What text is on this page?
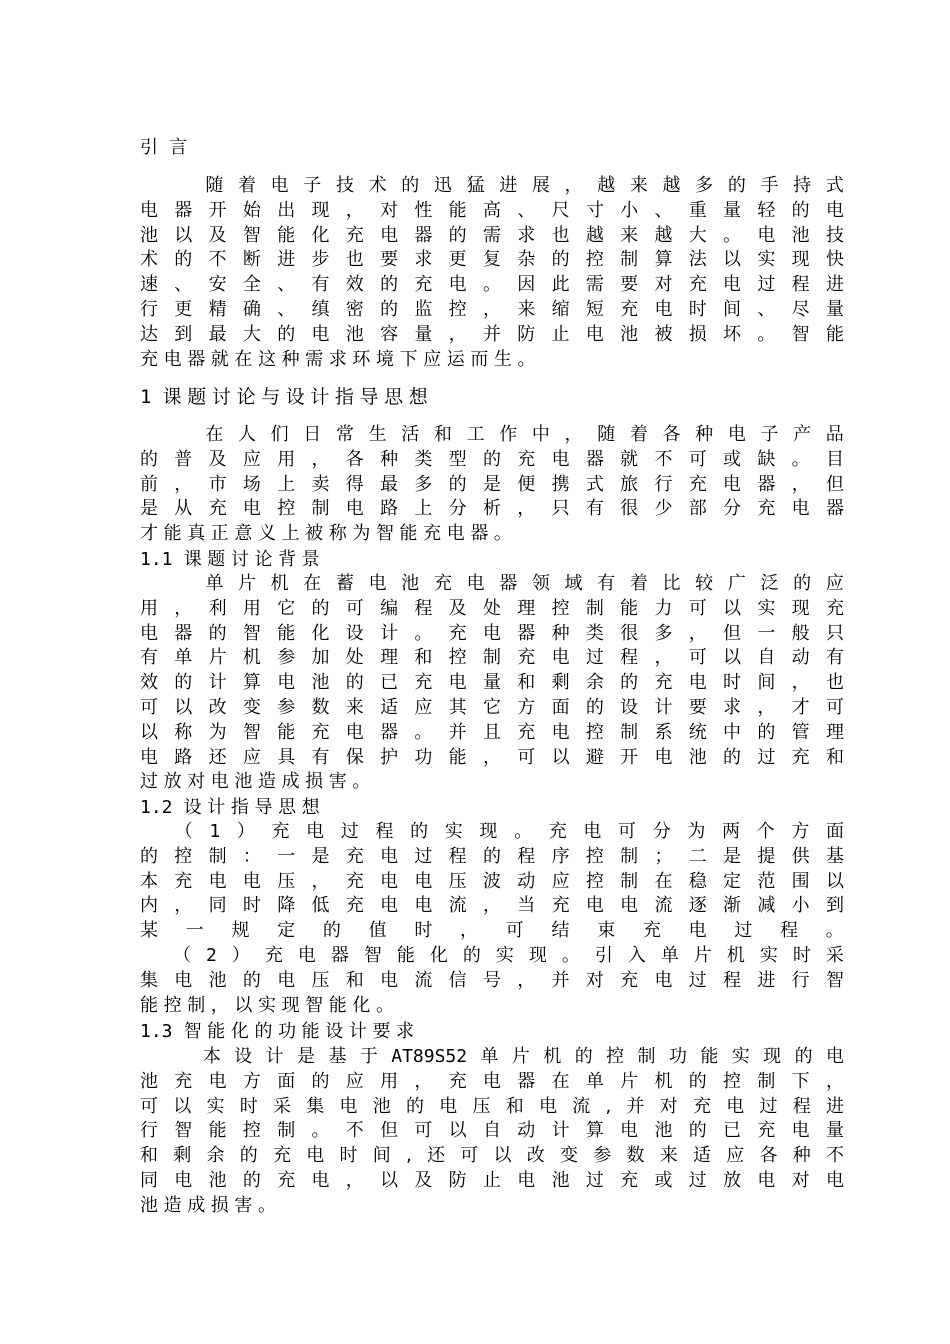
引 言

随 着 电 子 技 术 的 迅 猛 进 展 ， 越 来 越 多 的 手 持 式
电 器 开 始 出 现 ， 对 性 能 高 、 尺 寸 小 、 重 量 轻 的 电
池 以 及 智 能 化 充 电 器 的 需 求 也 越 来 越 大 。 电 池 技
术 的 不 断 进 步 也 要 求 更 复 杂 的 控 制 算 法 以 实 现 快
速 、 安 全 、 有 效 的 充 电 。 因 此 需 要 对 充 电 过 程 进
行 更 精 确 、 缜 密 的 监 控 ， 来 缩 短 充 电 时 间 、 尽 量
达 到 最 大 的 电 池 容 量 ， 并 防 止 电 池 被 损 坏 。 智 能
充 电 器 就 在 这 种 需 求 环 境 下 应 运 而 生 。
1 课 题 讨 论 与 设 计 指 导 思 想

在 人 们 日 常 生 活 和 工 作 中 ， 随 着 各 种 电 子 产 品
的 普 及 应 用 ， 各 种 类 型 的 充 电 器 就 不 可 或 缺 。 目
前 ， 市 场 上 卖 得 最 多 的 是 便 携 式 旅 行 充 电 器 ， 但
是 从 充 电 控 制 电 路 上 分 析 ， 只 有 很 少 部 分 充 电 器
才 能 真 正 意 义 上 被 称 为 智 能 充 电 器 。
1.1 课 题 讨 论 背 景

单 片 机 在 蓄 电 池 充 电 器 领 域 有 着 比 较 广 泛 的 应
用 ， 利 用 它 的 可 编 程 及 处 理 控 制 能 力 可 以 实 现 充
电 器 的 智 能 化 设 计 。 充 电 器 种 类 很 多 ， 但 一 般 只
有 单 片 机 参 加 处 理 和 控 制 充 电 过 程 ， 可 以 自 动 有
效 的 计 算 电 池 的 已 充 电 量 和 剩 余 的 充 电 时 间 ， 也
可 以 改 变 参 数 来 适 应 其 它 方 面 的 设 计 要 求 ， 才 可
以 称 为 智 能 充 电 器 。 并 且 充 电 控 制 系 统 中 的 管 理
电 路 还 应 具 有 保 护 功 能 ， 可 以 避 开 电 池 的 过 充 和
过 放 对 电 池 造 成 损 害 。
1.2 设 计 指 导 思 想

（ 1 ） 充 电 过 程 的 实 现 。 充 电 可 分 为 两 个 方 面
的 控 制 ： 一 是 充 电 过 程 的 程 序 控 制 ； 二 是 提 供 基
本 充 电 电 压 ， 充 电 电 压 波 动 应 控 制 在 稳 定 范 围 以
内 ， 同 时 降 低 充 电 电 流 ， 当 充 电 电 流 逐 渐 减 小 到
某 一 规 定 的 值 时 ， 可 结 束 充 电 过 程 。

（ 2 ） 充 电 器 智 能 化 的 实 现 。 引 入 单 片 机 实 时 采
集 电 池 的 电 压 和 电 流 信 号 ， 并 对 充 电 过 程 进 行 智
能 控 制 ， 以 实 现 智 能 化 。
1.3 智 能 化 的 功 能 设 计 要 求

本 设 计 是 基 于 AT89S52 单 片 机 的 控 制 功 能 实 现 的 电
池 充 电 方 面 的 应 用 ， 充 电 器 在 单 片 机 的 控 制 下 ，
可 以 实 时 采 集 电 池 的 电 压 和 电 流 , 并 对 充 电 过 程 进
行 智 能 控 制 。 不 但 可 以 自 动 计 算 电 池 的 已 充 电 量
和 剩 余 的 充 电 时 间 , 还 可 以 改 变 参 数 来 适 应 各 种 不
同 电 池 的 充 电 ， 以 及 防 止 电 池 过 充 或 过 放 电 对 电
池 造 成 损 害 。
